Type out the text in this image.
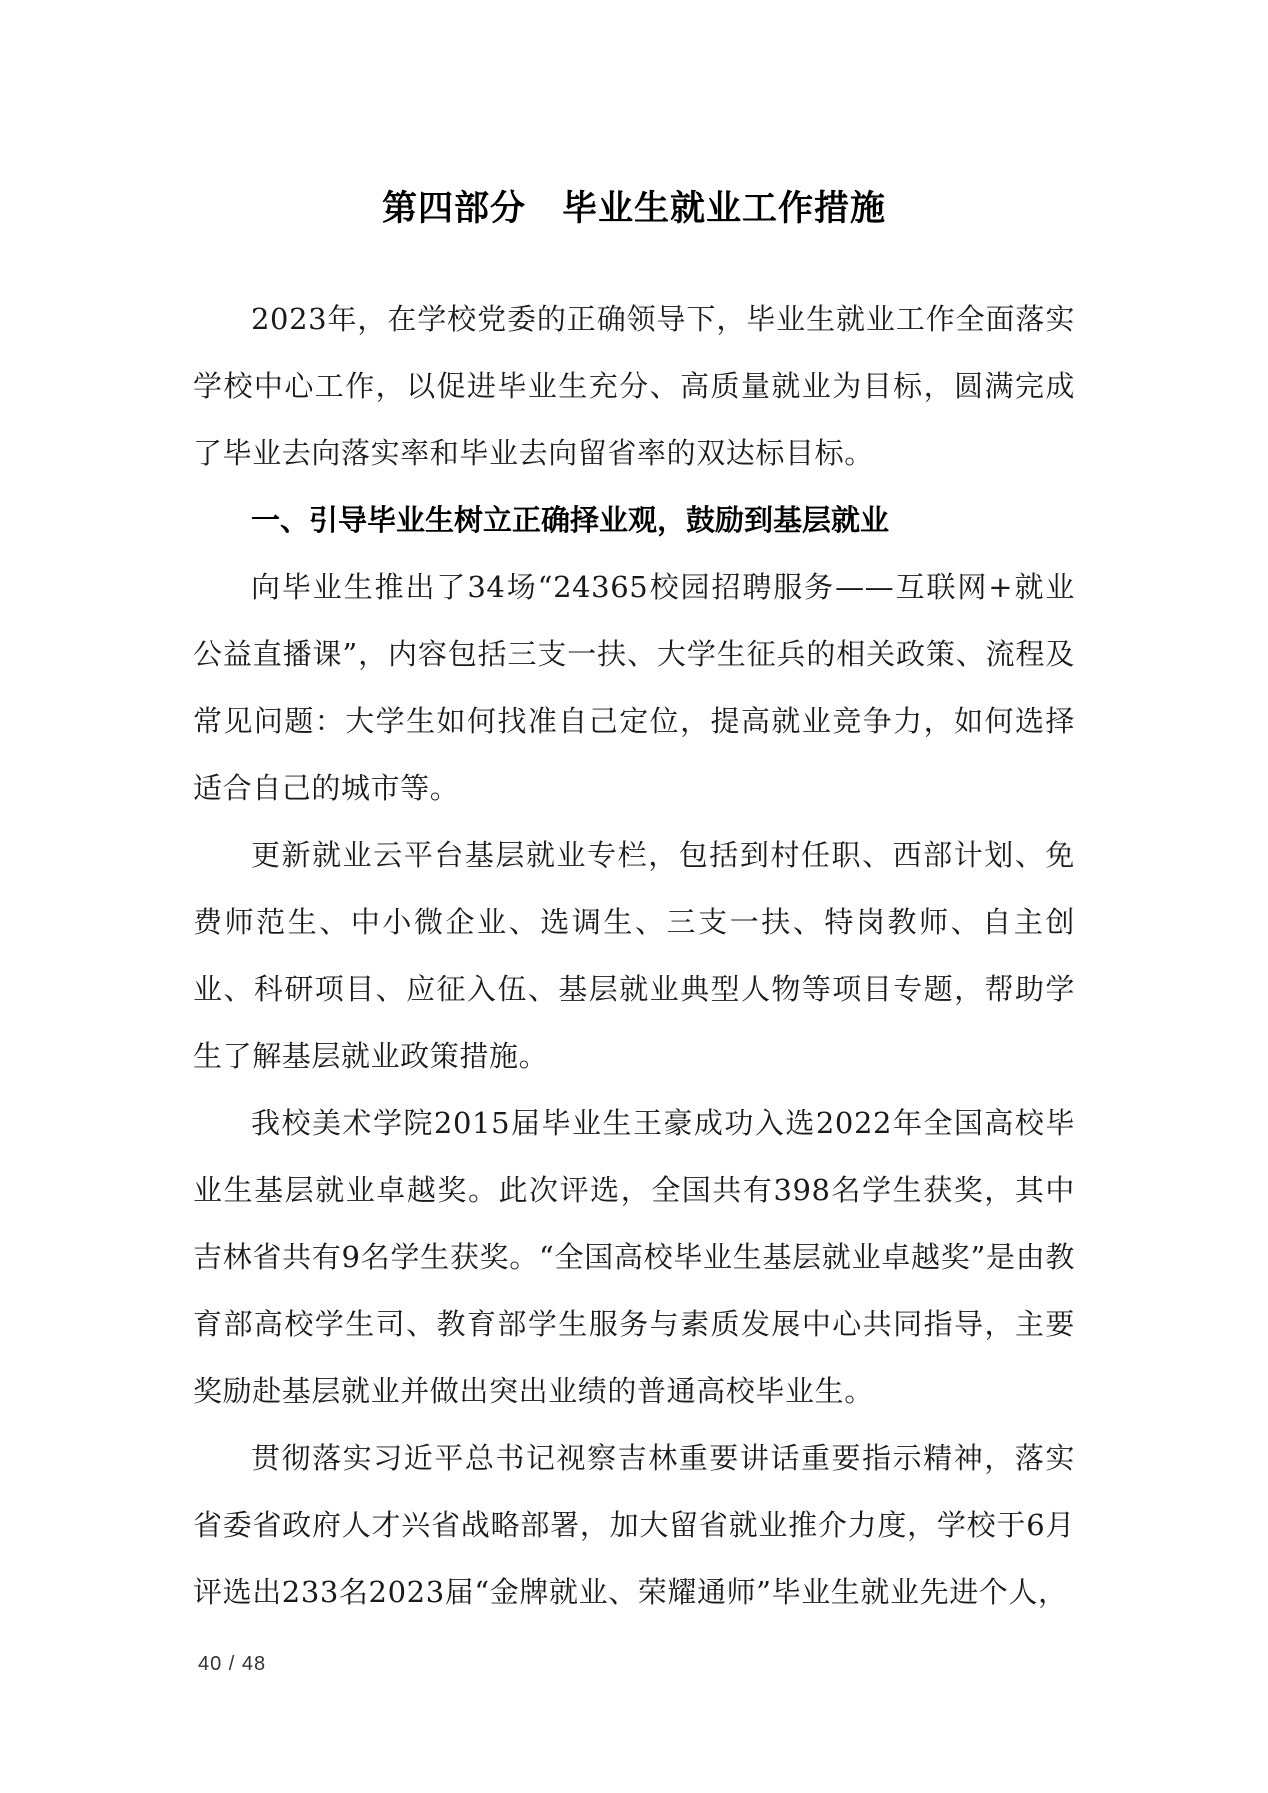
第四部分　毕业生就业工作措施

2023年，在学校党委的正确领导下，毕业生就业工作全面落实学校中心工作，以促进毕业生充分、高质量就业为目标，圆满完成了毕业去向落实率和毕业去向留省率的双达标目标。

一、引导毕业生树立正确择业观，鼓励到基层就业

向毕业生推出了34场“24365校园招聘服务——互联网+就业公益直播课”，内容包括三支一扶、大学生征兵的相关政策、流程及常见问题：大学生如何找准自己定位，提高就业竞争力，如何选择适合自己的城市等。

更新就业云平台基层就业专栏，包括到村任职、西部计划、免费师范生、中小微企业、选调生、三支一扶、特岗教师、自主创业、科研项目、应征入伍、基层就业典型人物等项目专题，帮助学生了解基层就业政策措施。

我校美术学院2015届毕业生王豪成功入选2022年全国高校毕业生基层就业卓越奖。此次评选，全国共有398名学生获奖，其中吉林省共有9名学生获奖。“全国高校毕业生基层就业卓越奖”是由教育部高校学生司、教育部学生服务与素质发展中心共同指导，主要奖励赴基层就业并做出突出业绩的普通高校毕业生。

贯彻落实习近平总书记视察吉林重要讲话重要指示精神，落实省委省政府人才兴省战略部署，加大留省就业推介力度，学校于6月评选出233名2023届“金牌就业、荣耀通师”毕业生就业先进个人，

40 / 48
